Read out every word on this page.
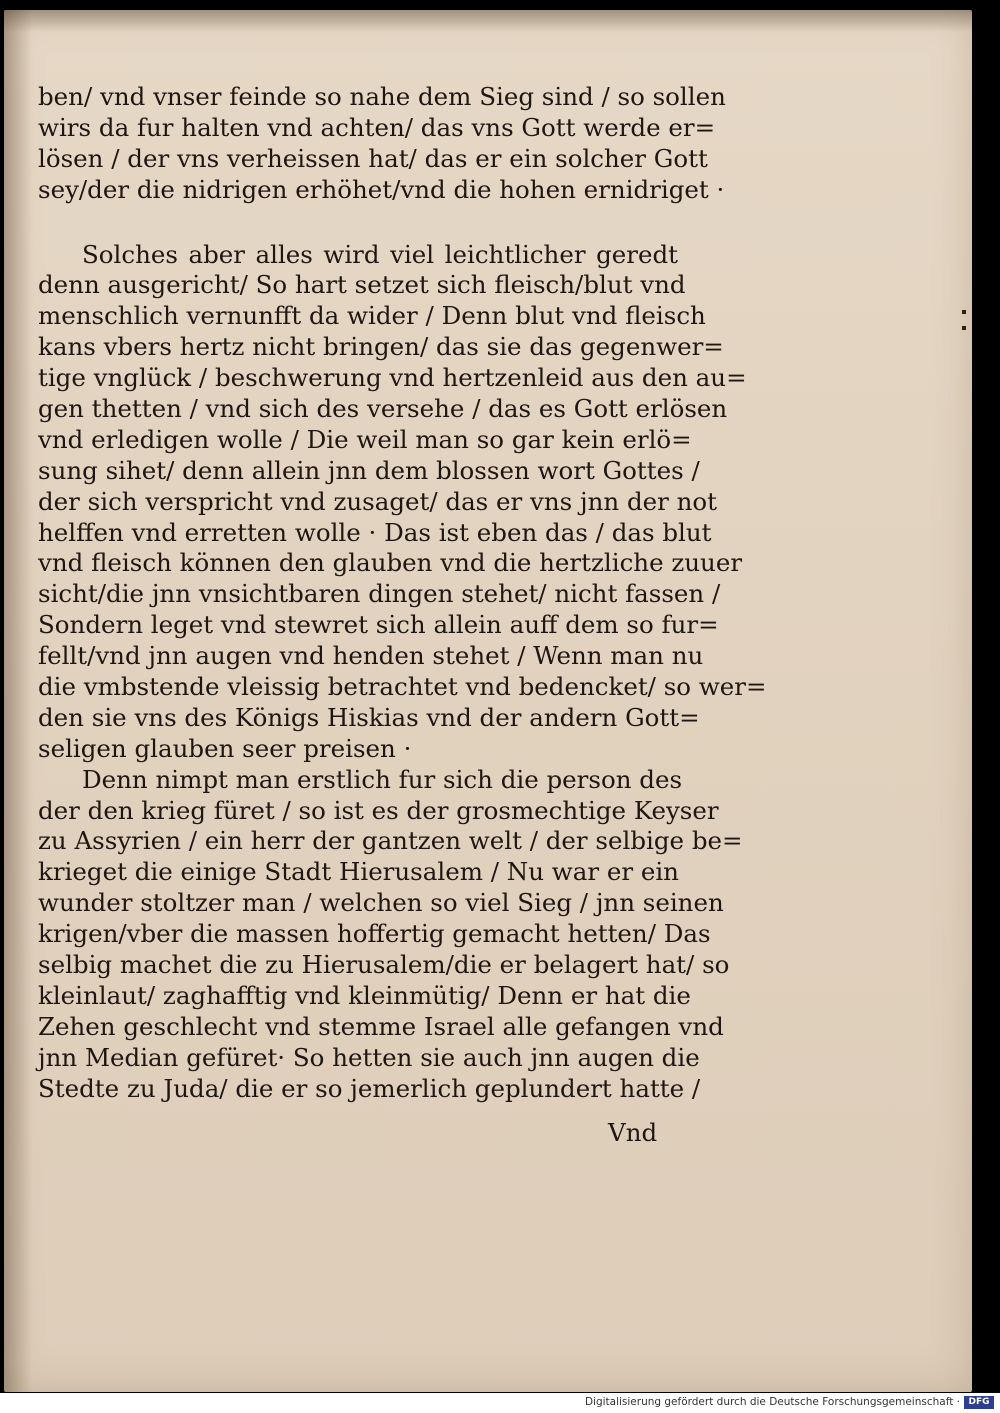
ben/ vnd vnser feinde so nahe dem Sieg sind / so sollen
wirs da fur halten vnd achten/ das vns Gott werde er=
lösen / der vns verheissen hat/ das er ein solcher Gott
sey/der die nidrigen erhöhet/vnd die hohen ernidriget ·
Solches aber alles wird viel leichtlicher geredt
denn ausgericht/ So hart setzet sich fleisch/blut vnd
menschlich vernunfft da wider / Denn blut vnd fleisch
kans vbers hertz nicht bringen/ das sie das gegenwer=
tige vnglück / beschwerung vnd hertzenleid aus den au=
gen thetten / vnd sich des versehe / das es Gott erlösen
vnd erledigen wolle / Die weil man so gar kein erlö=
sung sihet/ denn allein jnn dem blossen wort Gottes /
der sich verspricht vnd zusaget/ das er vns jnn der not
helffen vnd erretten wolle · Das ist eben das / das blut
vnd fleisch können den glauben vnd die hertzliche zuuer
sicht/die jnn vnsichtbaren dingen stehet/ nicht fassen /
Sondern leget vnd stewret sich allein auff dem so fur=
fellt/vnd jnn augen vnd henden stehet / Wenn man nu
die vmbstende vleissig betrachtet vnd bedencket/ so wer=
den sie vns des Königs Hiskias vnd der andern Gott=
seligen glauben seer preisen ·
Denn nimpt man erstlich fur sich die person des
der den krieg füret / so ist es der grosmechtige Keyser
zu Assyrien / ein herr der gantzen welt / der selbige be=
krieget die einige Stadt Hierusalem / Nu war er ein
wunder stoltzer man / welchen so viel Sieg / jnn seinen
krigen/vber die massen hoffertig gemacht hetten/ Das
selbig machet die zu Hierusalem/die er belagert hat/ so
kleinlaut/ zaghafftig vnd kleinmütig/ Denn er hat die
Zehen geschlecht vnd stemme Israel alle gefangen vnd
jnn Median gefüret· So hetten sie auch jnn augen die
Stedte zu Juda/ die er so jemerlich geplundert hatte /
Vnd
Digitalisierung gefördert durch die Deutsche Forschungsgemeinschaft · DFG
